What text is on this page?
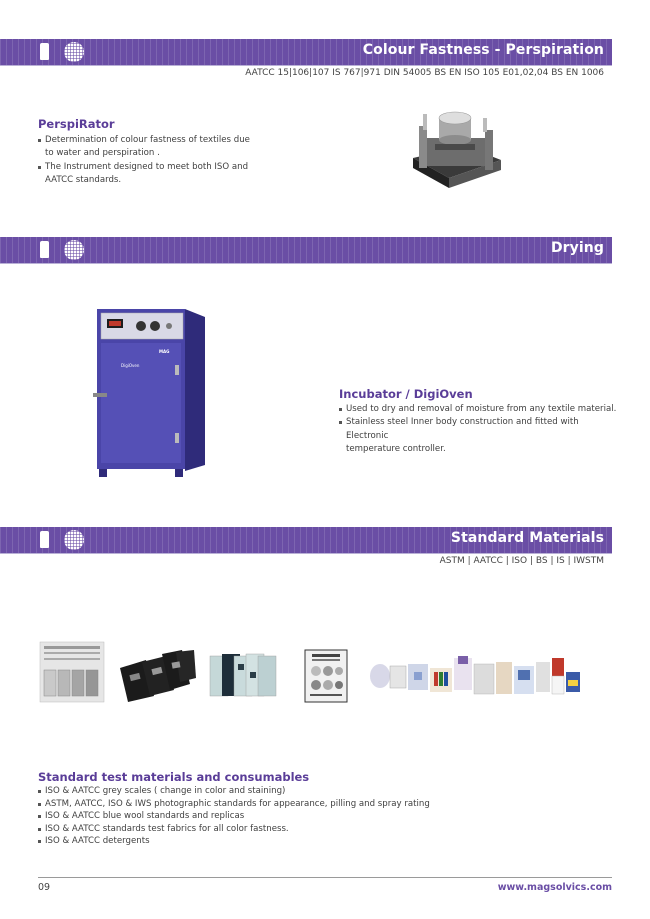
Colour Fastness - Perspiration
AATCC 15|106|107 IS 767|971 DIN 54005 BS EN ISO 105 E01,02,04 BS EN 1006
PerspiRator
Determination of colour fastness of textiles due
to water and perspiration .
The Instrument designed to meet both ISO and
AATCC standards.
Drying
MAG
DigiOven
Incubator / DigiOven
Used to dry and removal of moisture from any textile material.
Stainless steel Inner body construction and fitted with Electronic
temperature controller.
Standard Materials
ASTM | AATCC | ISO | BS | IS | IWSTM
Standard test materials and consumables
ISO & AATCC grey scales ( change in color and staining)
ASTM, AATCC, ISO & IWS photographic standards for appearance, pilling and spray rating
ISO & AATCC blue wool standards and replicas
ISO & AATCC standards test fabrics for all color fastness.
ISO & AATCC detergents
09	www.magsolvics.com
